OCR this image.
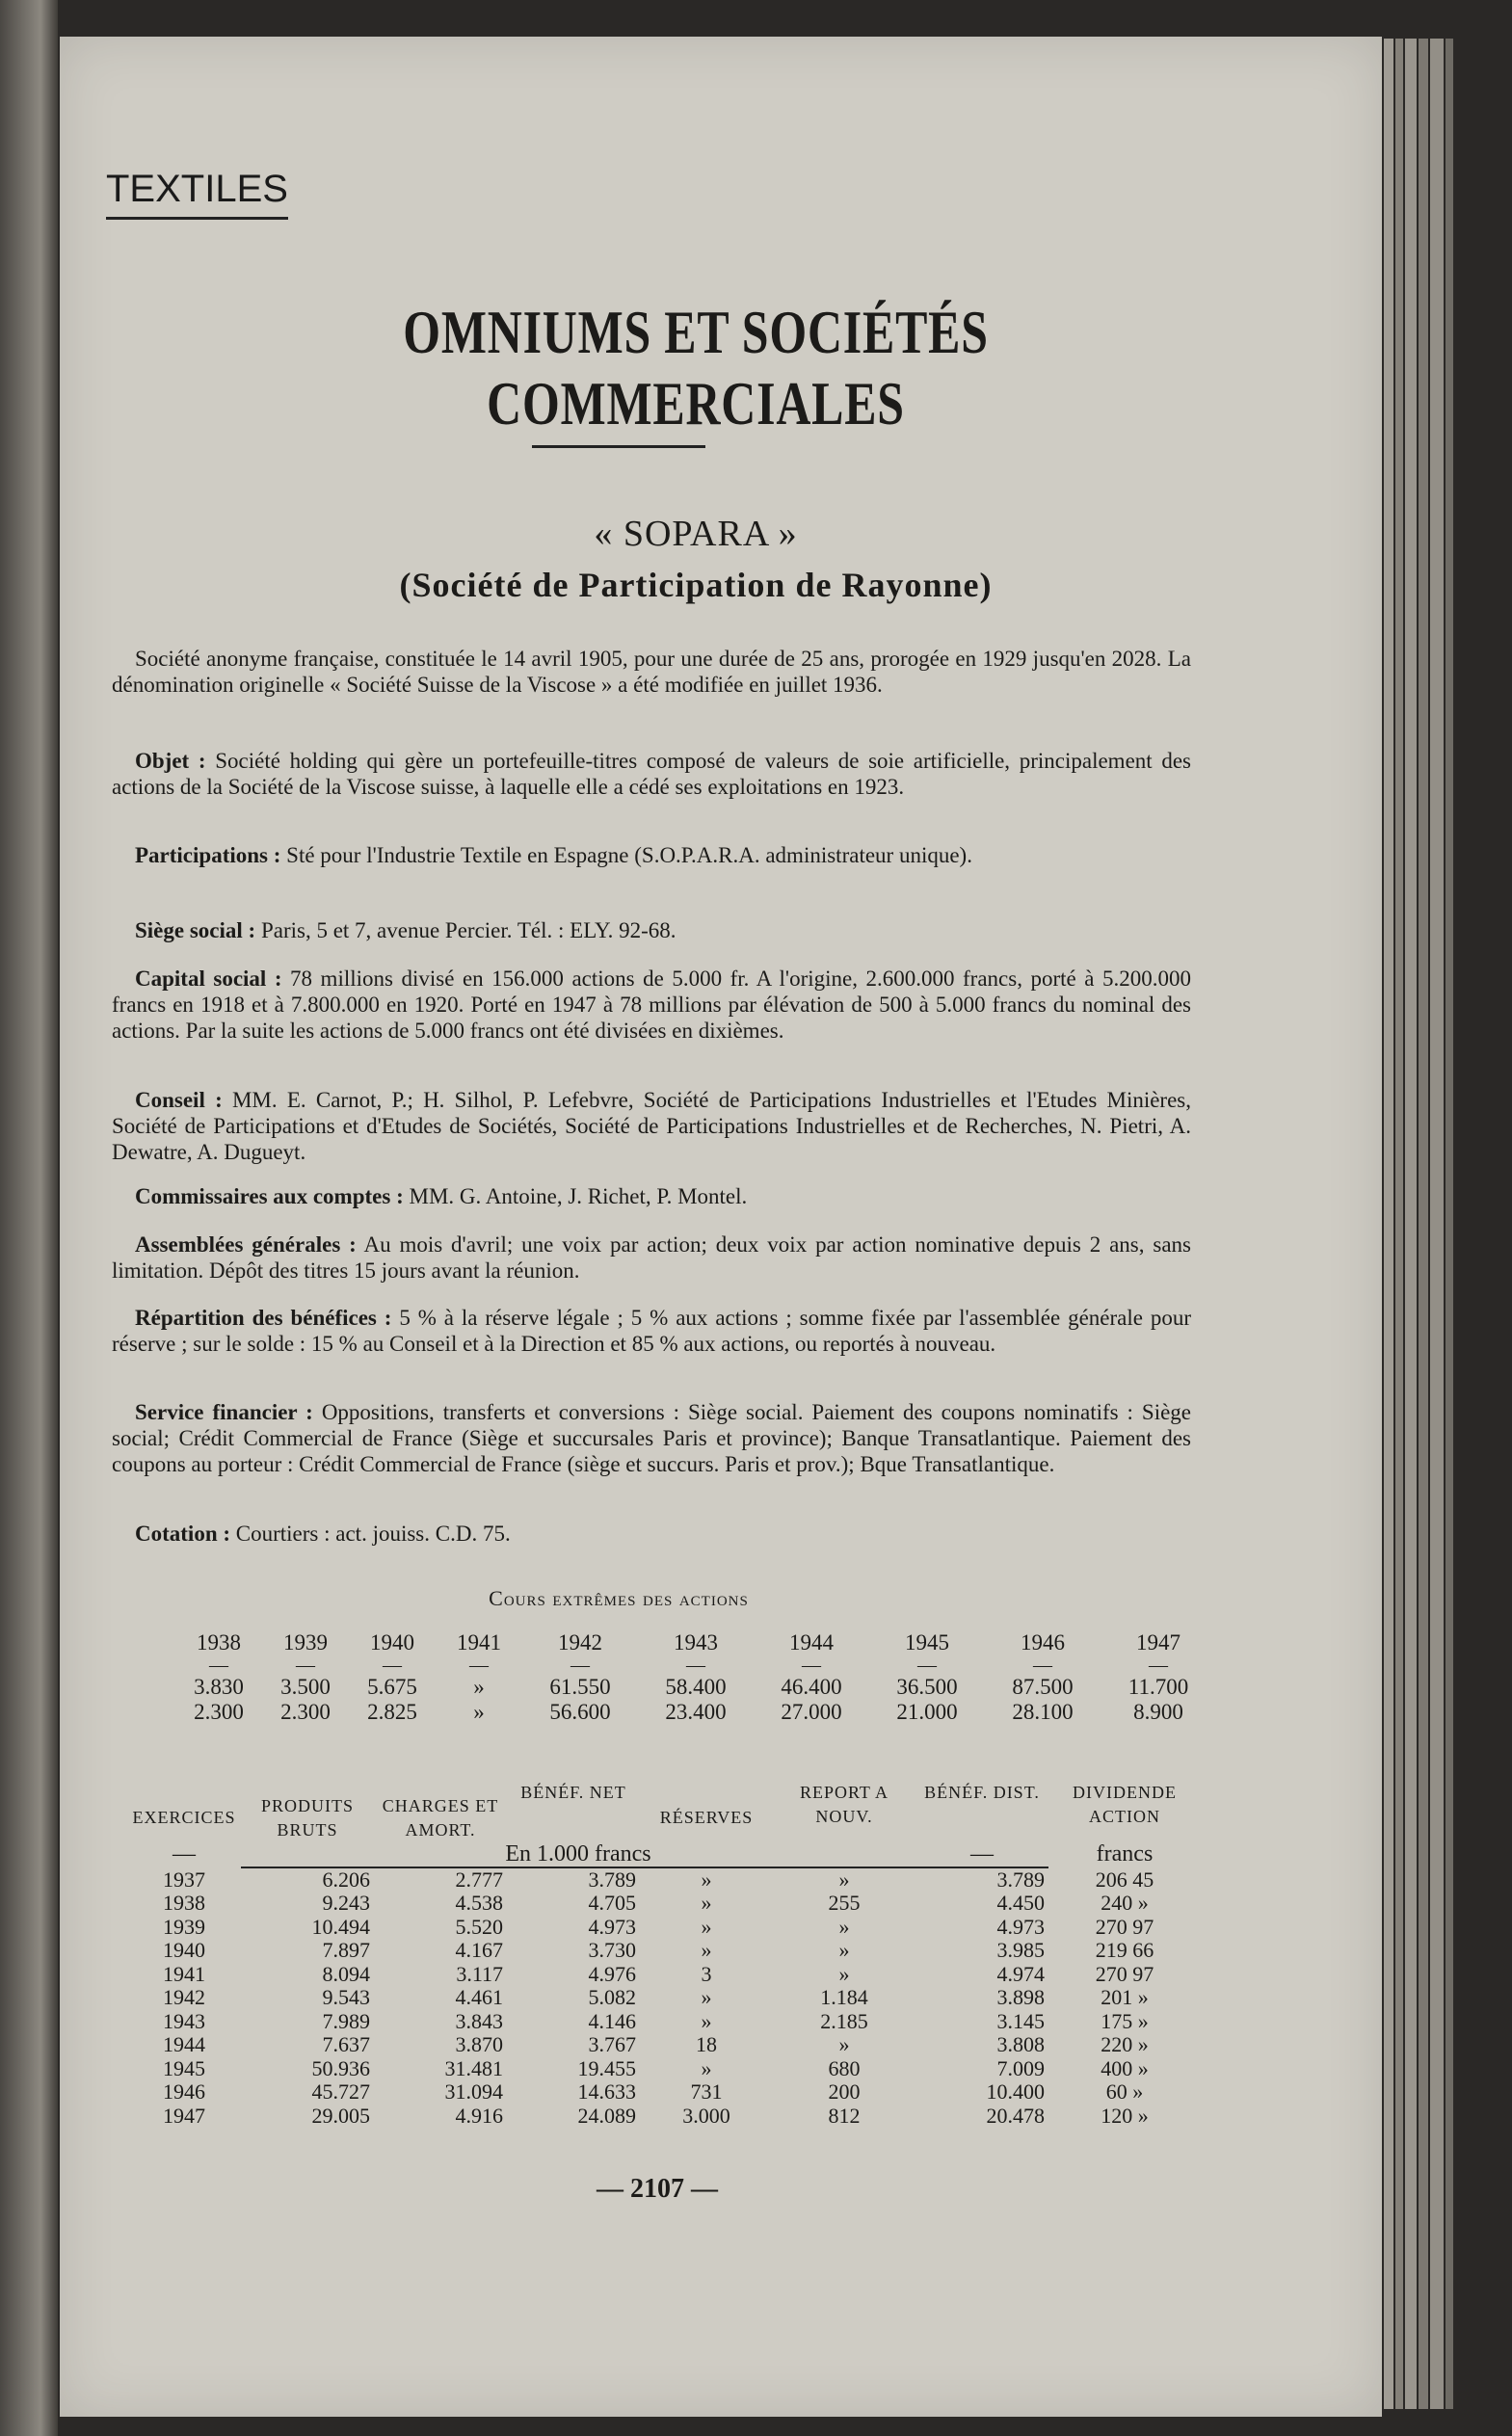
TEXTILES
OMNIUMS ET SOCIÉTÉS COMMERCIALES
« SOPARA »
(Société de Participation de Rayonne)
Société anonyme française, constituée le 14 avril 1905, pour une durée de 25 ans, prorogée en 1929 jusqu'en 2028. La dénomination originelle « Société Suisse de la Viscose » a été modifiée en juillet 1936.
Objet : Société holding qui gère un portefeuille-titres composé de valeurs de soie artificielle, principalement des actions de la Société de la Viscose suisse, à laquelle elle a cédé ses exploitations en 1923.
Participations : Sté pour l'Industrie Textile en Espagne (S.O.P.A.R.A. administrateur unique).
Siège social : Paris, 5 et 7, avenue Percier. Tél. : ELY. 92-68.
Capital social : 78 millions divisé en 156.000 actions de 5.000 fr. A l'origine, 2.600.000 francs, porté à 5.200.000 francs en 1918 et à 7.800.000 en 1920. Porté en 1947 à 78 millions par élévation de 500 à 5.000 francs du nominal des actions. Par la suite les actions de 5.000 francs ont été divisées en dixièmes.
Conseil : MM. E. Carnot, P.; H. Silhol, P. Lefebvre, Société de Participations Industrielles et l'Etudes Minières, Société de Participations et d'Etudes de Sociétés, Société de Participations Industrielles et de Recherches, N. Pietri, A. Dewatre, A. Dugueyt.
Commissaires aux comptes : MM. G. Antoine, J. Richet, P. Montel.
Assemblées générales : Au mois d'avril; une voix par action; deux voix par action nominative depuis 2 ans, sans limitation. Dépôt des titres 15 jours avant la réunion.
Répartition des bénéfices : 5 % à la réserve légale ; 5 % aux actions ; somme fixée par l'assemblée générale pour réserve ; sur le solde : 15 % au Conseil et à la Direction et 85 % aux actions, ou reportés à nouveau.
Service financier : Oppositions, transferts et conversions : Siège social. Paiement des coupons nominatifs : Siège social; Crédit Commercial de France (Siège et succursales Paris et province); Banque Transatlantique. Paiement des coupons au porteur : Crédit Commercial de France (siège et succurs. Paris et prov.); Bque Transatlantique.
Cotation : Courtiers : act. jouiss. C.D. 75.
Cours extrêmes des actions
1938	1939	1940	1941	1942	1943	1944	1945	1946	1947
—	—	—	—	—	—	—	—	—	—
3.830	3.500	5.675	»	61.550	58.400	46.400	36.500	87.500	11.700
2.300	2.300	2.825	»	56.600	23.400	27.000	21.000	28.100	8.900
EXERCICES	PRODUITS BRUTS	CHARGES ET AMORT.	BÉNÉF. NET	RÉSERVES	REPORT A NOUV.	BÉNÉF. DIST.	DIVIDENDE ACTION
—	En 1.000 francs					—	francs

1937	6.206	2.777	3.789	»	»	3.789	206 45
1938	9.243	4.538	4.705	»	255	4.450	240 »
1939	10.494	5.520	4.973	»	»	4.973	270 97
1940	7.897	4.167	3.730	»	»	3.985	219 66
1941	8.094	3.117	4.976	3	»	4.974	270 97
1942	9.543	4.461	5.082	»	1.184	3.898	201 »
1943	7.989	3.843	4.146	»	2.185	3.145	175 »
1944	7.637	3.870	3.767	18	»	3.808	220 »
1945	50.936	31.481	19.455	»	680	7.009	400 »
1946	45.727	31.094	14.633	731	200	10.400	60 »
1947	29.005	4.916	24.089	3.000	812	20.478	120 »
— 2107 —
